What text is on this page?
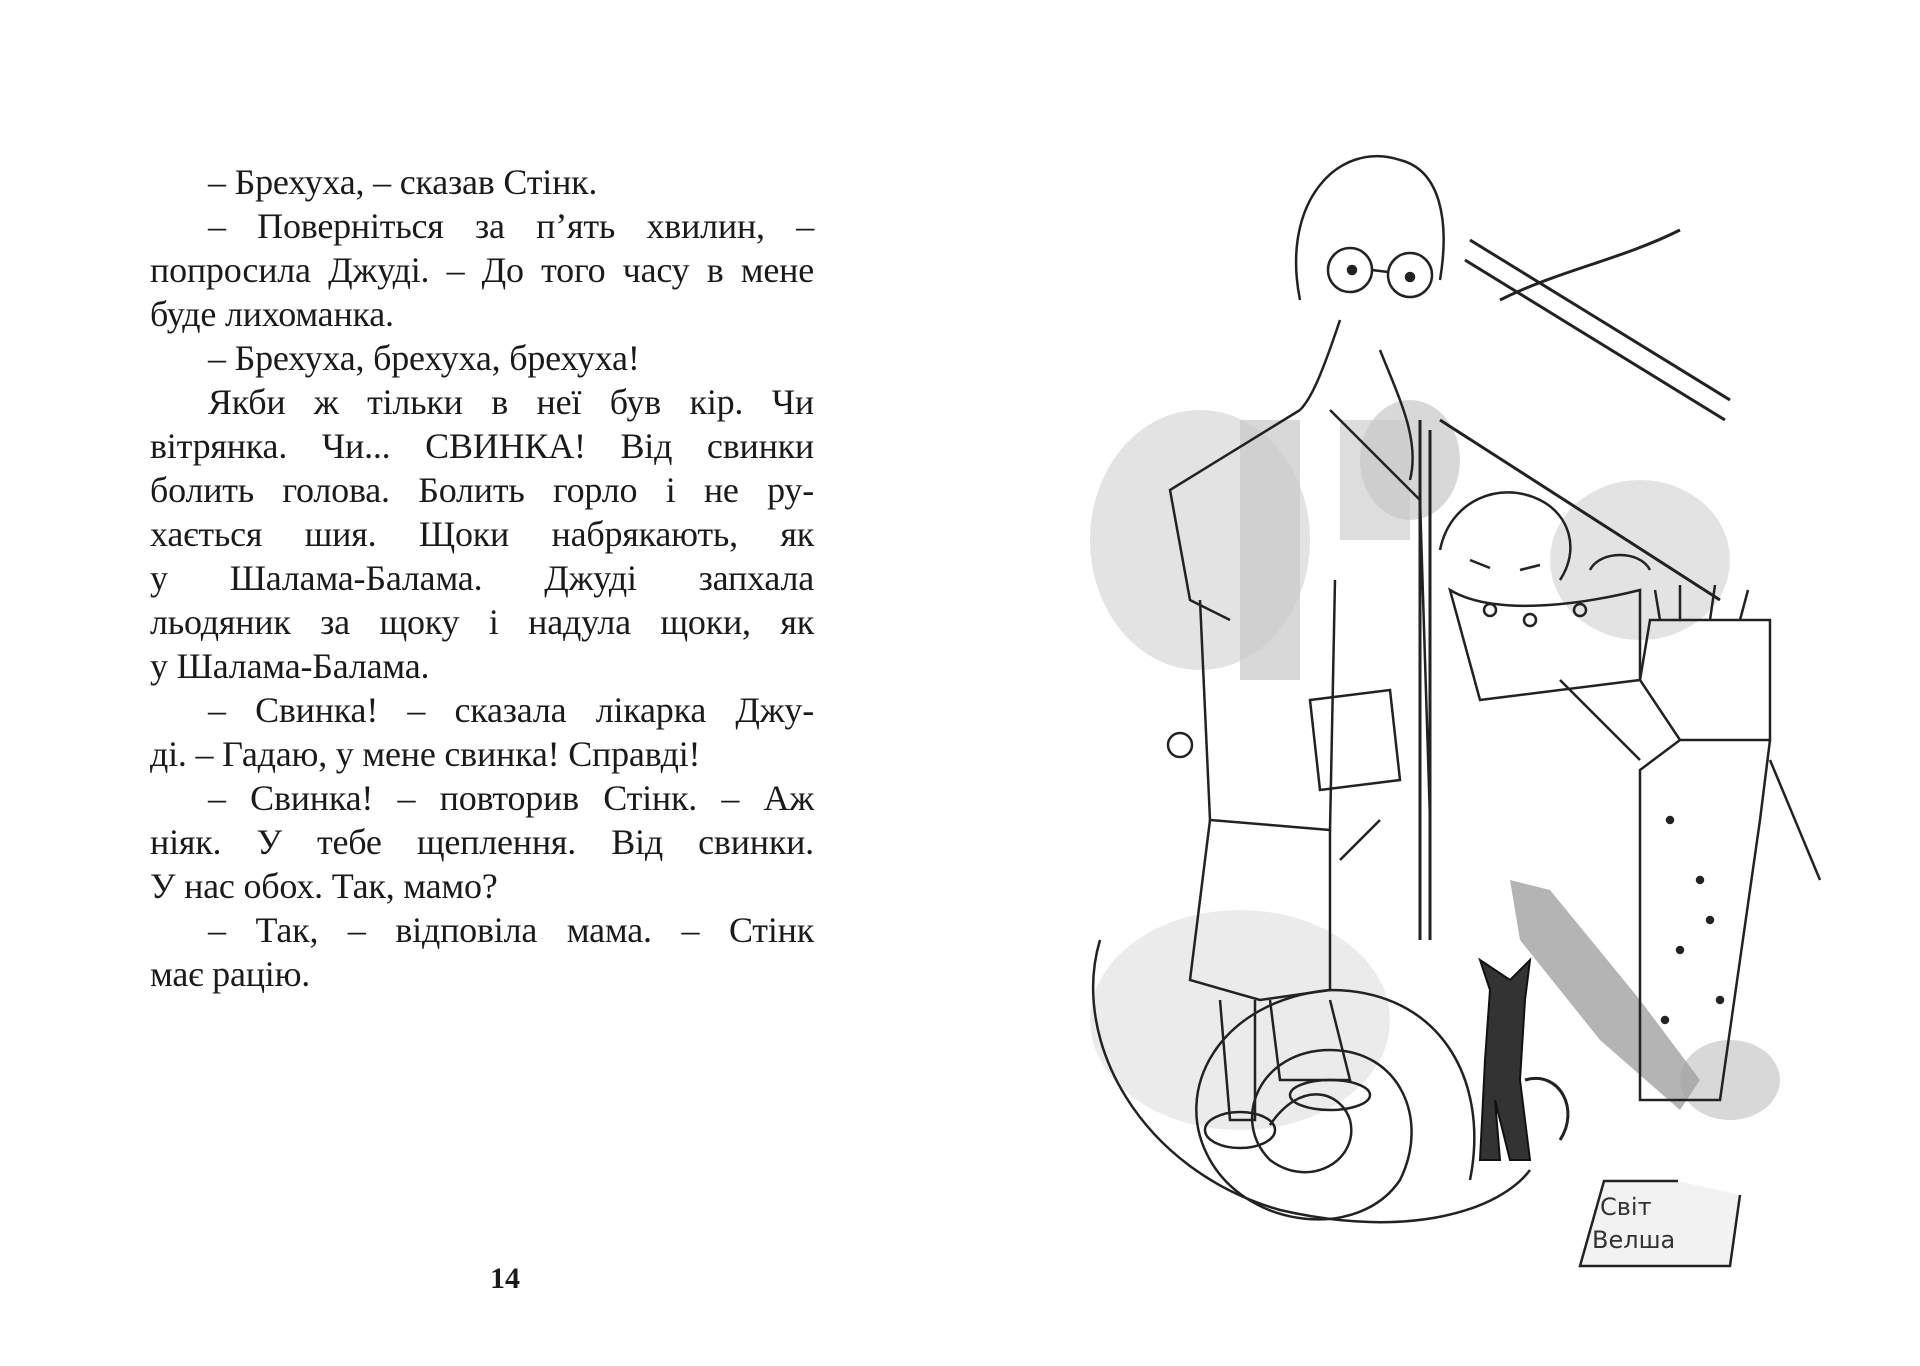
– Брехуха, – сказав Стінк.
– Поверніться за п’ять хвилин, –
попросила Джуді. – До того часу в мене
буде лихоманка.
– Брехуха, брехуха, брехуха!
Якби ж тільки в неї був кір. Чи
вітрянка. Чи... СВИНКА! Від свинки
болить голова. Болить горло і не ру-
хається шия. Щоки набрякають, як
у Шалама-Балама. Джуді запхала
льодяник за щоку і надула щоки, як
у Шалама-Балама.
– Свинка! – сказала лікарка Джу-
ді. – Гадаю, у мене свинка! Справді!
– Свинка! – повторив Стінк. – Аж
ніяк. У тебе щеплення. Від свинки.
У нас обох. Так, мамо?
– Так, – відповіла мама. – Стінк
має рацію.
14
Світ
Велша
